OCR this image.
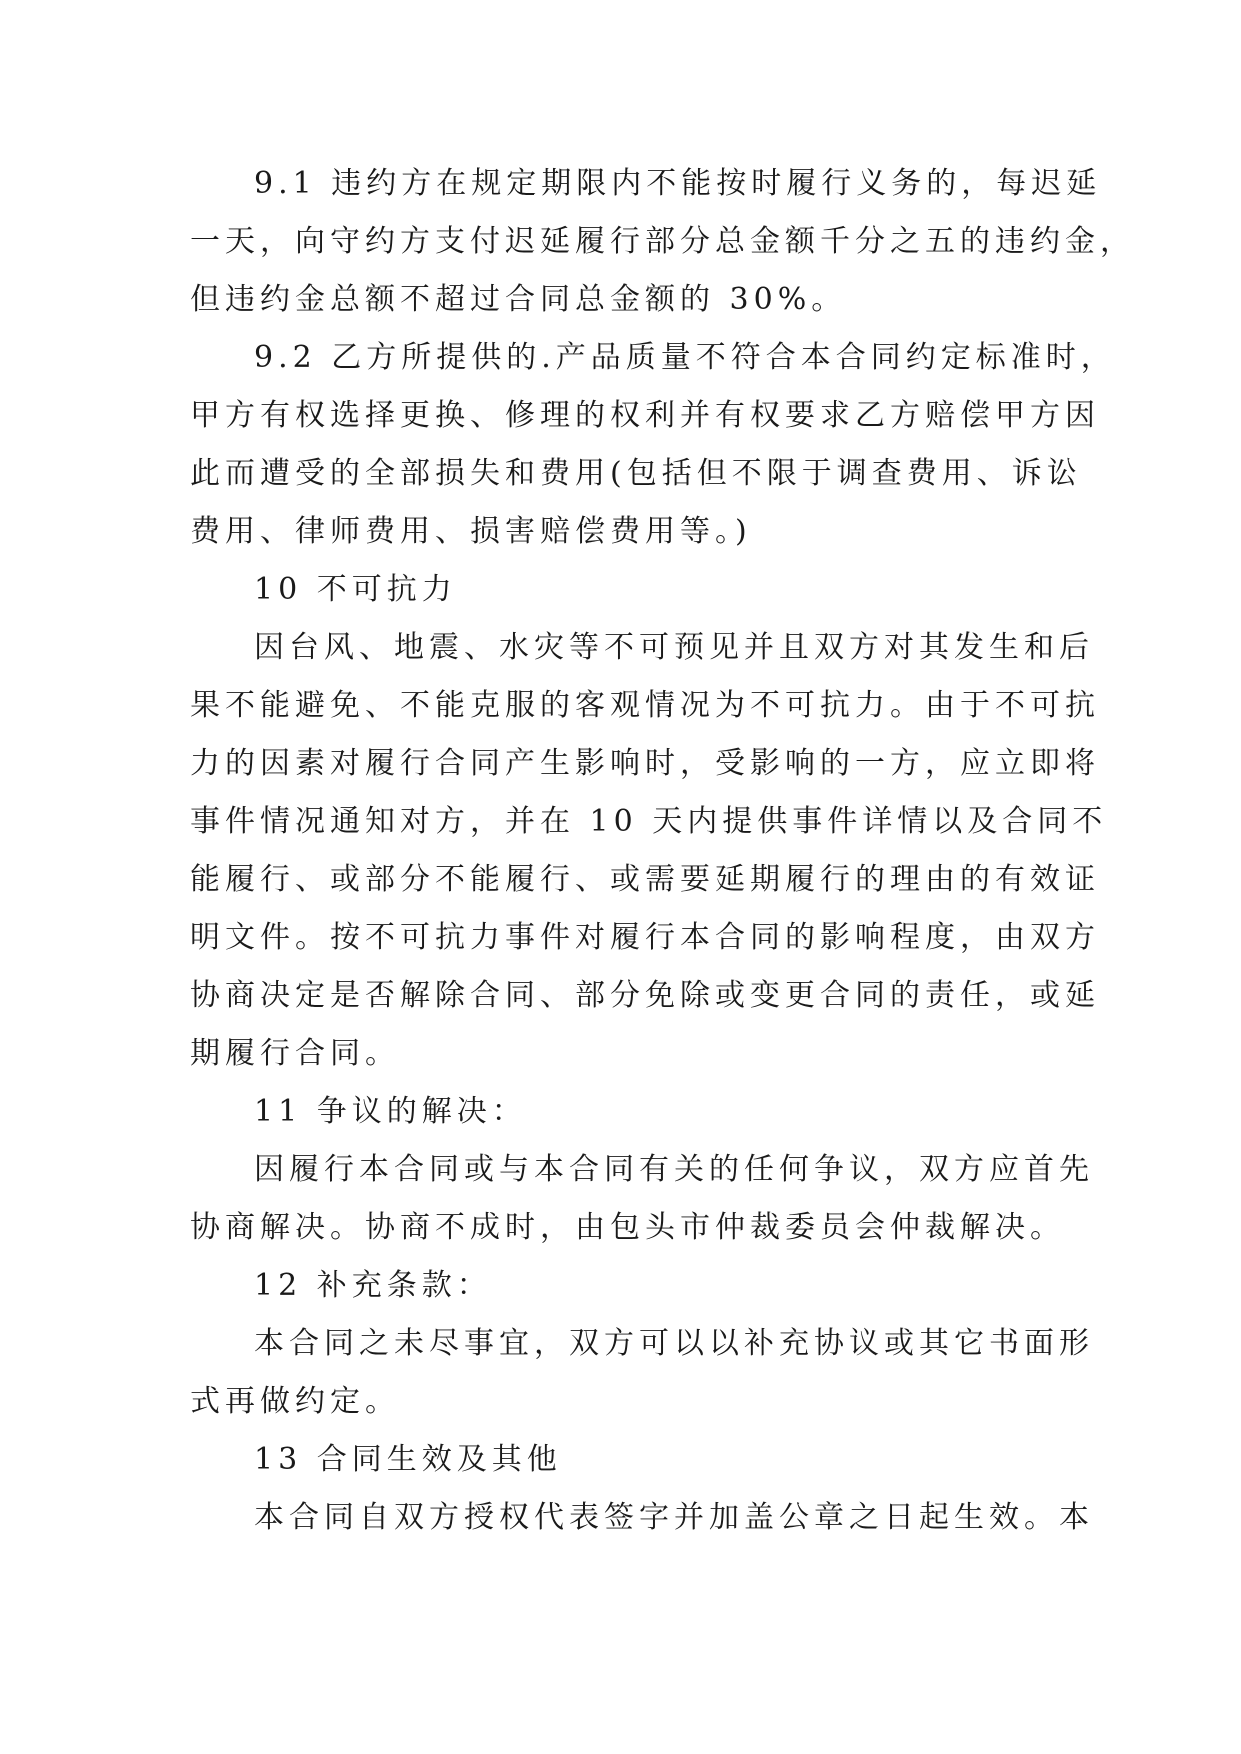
9.1 违约方在规定期限内不能按时履行义务的，每迟延
一天，向守约方支付迟延履行部分总金额千分之五的违约金，
但违约金总额不超过合同总金额的 30%。
9.2 乙方所提供的.产品质量不符合本合同约定标准时，
甲方有权选择更换、修理的权利并有权要求乙方赔偿甲方因
此而遭受的全部损失和费用(包括但不限于调查费用、诉讼
费用、律师费用、损害赔偿费用等。)
10 不可抗力
因台风、地震、水灾等不可预见并且双方对其发生和后
果不能避免、不能克服的客观情况为不可抗力。由于不可抗
力的因素对履行合同产生影响时，受影响的一方，应立即将
事件情况通知对方，并在 10 天内提供事件详情以及合同不
能履行、或部分不能履行、或需要延期履行的理由的有效证
明文件。按不可抗力事件对履行本合同的影响程度，由双方
协商决定是否解除合同、部分免除或变更合同的责任，或延
期履行合同。
11 争议的解决：
因履行本合同或与本合同有关的任何争议，双方应首先
协商解决。协商不成时，由包头市仲裁委员会仲裁解决。
12 补充条款：
本合同之未尽事宜，双方可以以补充协议或其它书面形
式再做约定。
13 合同生效及其他
本合同自双方授权代表签字并加盖公章之日起生效。本
